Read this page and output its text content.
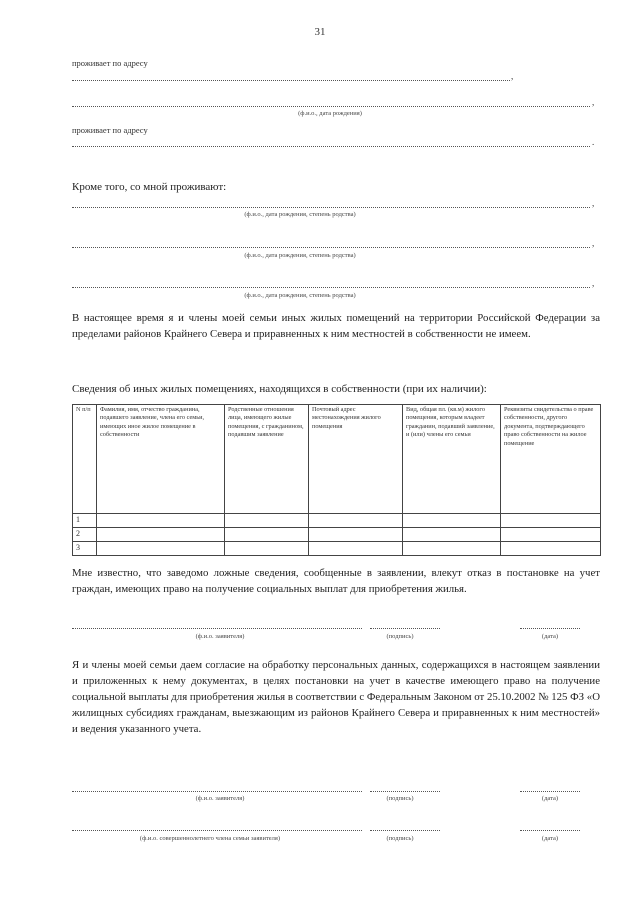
31
проживает по адресу
,
,
(ф.и.о., дата рождения)
проживает по адресу
.
Кроме того, со мной проживают:
,
(ф.и.о., дата рождения, степень родства)
,
(ф.и.о., дата рождения, степень родства)
,
(ф.и.о., дата рождения, степень родства)
В настоящее время я и члены моей семьи иных жилых помещений на территории Российской Федерации за пределами районов Крайнего Севера и приравненных к ним местностей в собственности не имеем.
Сведения об иных жилых помещениях, находящихся в собственности (при их наличии):
N п/п	Фамилия, имя, отчество гражданина, подавшего заявление, члена его семьи, имеющих иное жилое помещение в собственности	Родственные отношения лица, имеющего жилые помещения, с гражданином, подавшим заявление	Почтовый адрес местонахождения жилого помещения	Вид, общая пл. (кв.м) жилого помещения, которым владеет гражданин, подавший заявление, и (или) члены его семьи	Реквизиты свидетельства о праве собственности, другого документа, подтверждающего право собственности на жилое помещение
1					
2					
3					
Мне известно, что заведомо ложные сведения, сообщенные в заявлении, влекут отказ в постановке на учет граждан, имеющих право на получение социальных выплат для приобретения жилья.
(ф.и.о. заявителя)	(подпись)	(дата)
Я и члены моей семьи даем согласие на обработку персональных данных, содержащихся в настоящем заявлении и приложенных к нему документах, в целях постановки на учет в качестве имеющего право на получение социальной выплаты для приобретения жилья в соответствии с Федеральным Законом от 25.10.2002 № 125 ФЗ «О жилищных субсидиях гражданам, выезжающим из районов Крайнего Севера и приравненных к ним местностей» и ведения указанного учета.
(ф.и.о. заявителя)	(подпись)	(дата)
(ф.и.о. совершеннолетнего члена семьи заявителя)	(подпись)	(дата)
